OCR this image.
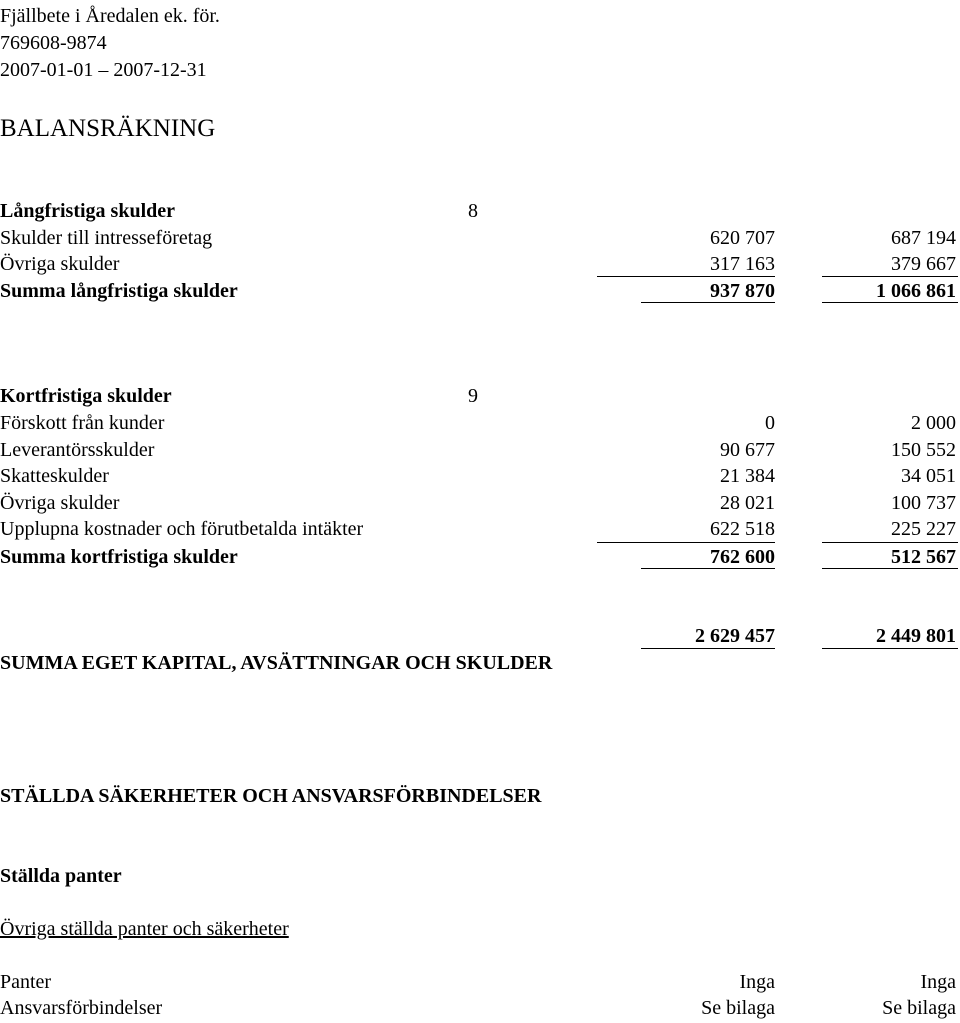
Fjällbete i Åredalen ek. för.
769608-9874
2007-01-01 – 2007-12-31
BALANSRÄKNING
Långfristiga skulder	8
Skulder till intresseföretag	620 707	687 194
Övriga skulder	317 163	379 667
Summa långfristiga skulder	937 870	1 066 861
Kortfristiga skulder	9
Förskott från kunder	0	2 000
Leverantörsskulder	90 677	150 552
Skatteskulder	21 384	34 051
Övriga skulder	28 021	100 737
Upplupna kostnader och förutbetalda intäkter	622 518	225 227
Summa kortfristiga skulder	762 600	512 567
2 629 457	2 449 801
SUMMA EGET KAPITAL, AVSÄTTNINGAR OCH SKULDER
STÄLLDA SÄKERHETER OCH ANSVARSFÖRBINDELSER
Ställda panter
Övriga ställda panter och säkerheter
Panter	Inga	Inga
Ansvarsförbindelser	Se bilaga	Se bilaga
